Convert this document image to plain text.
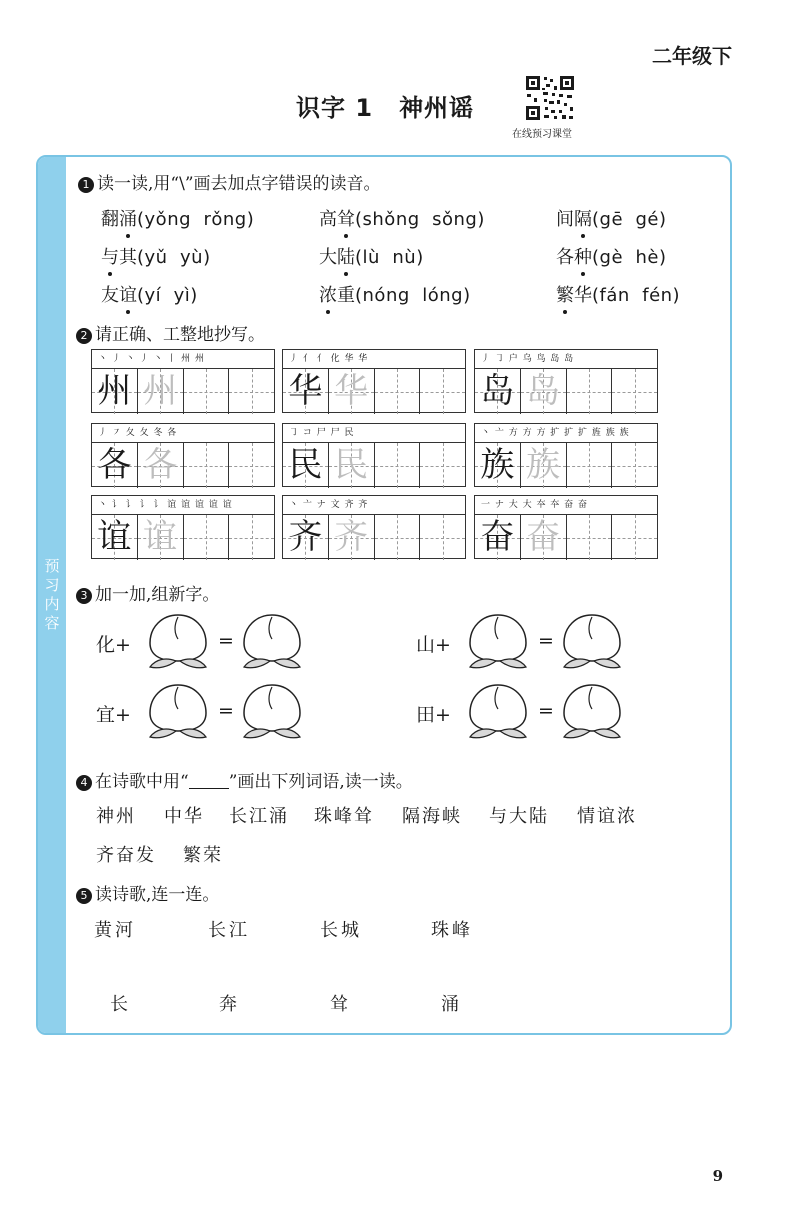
二年级下
识字 1 神州谣
在线预习课堂
预习内容
1 读一读,用“\”画去加点字错误的读音。
翻涌(yǒng  rǒng)	高耸(shǒng  sǒng)	间隔(gē  gé)
与其(yǔ  yù)	大陆(lù  nù)	各种(gè  hè)
友谊(yí  yì)	浓重(nóng  lóng)	繁华(fán  fén)
2 请正确、工整地抄写。
丶 丿 丶 丿 丶 丨 州 州
州 州
丿 亻 亻 化 华 华
华 华
丿 ㇆ 户 乌 鸟 岛 岛
岛 岛
丿 ㇇ 夂 夂 冬 各
各 各
㇆ コ 尸 尸 民
民 民
丶 亠 方 方 方 扩 扩 扩 旌 族 族
族 族
丶 讠 讠 讠 讠 谊 谊 谊 谊 谊
谊 谊
丶 亠 ナ 文 齐 齐
齐 齐
一 ナ 大 大 夲 夲 奋 奋
奋 奋
3 加一加,组新字。
化+	=	山+	=
宜+	=	田+	=
4 在诗歌中用“ ”画出下列词语,读一读。
神州 中华 长江涌 珠峰耸 隔海峡 与大陆 情谊浓
齐奋发 繁荣
5 读诗歌,连一连。
黄河	长江	长城	珠峰
长	奔	耸	涌
9
